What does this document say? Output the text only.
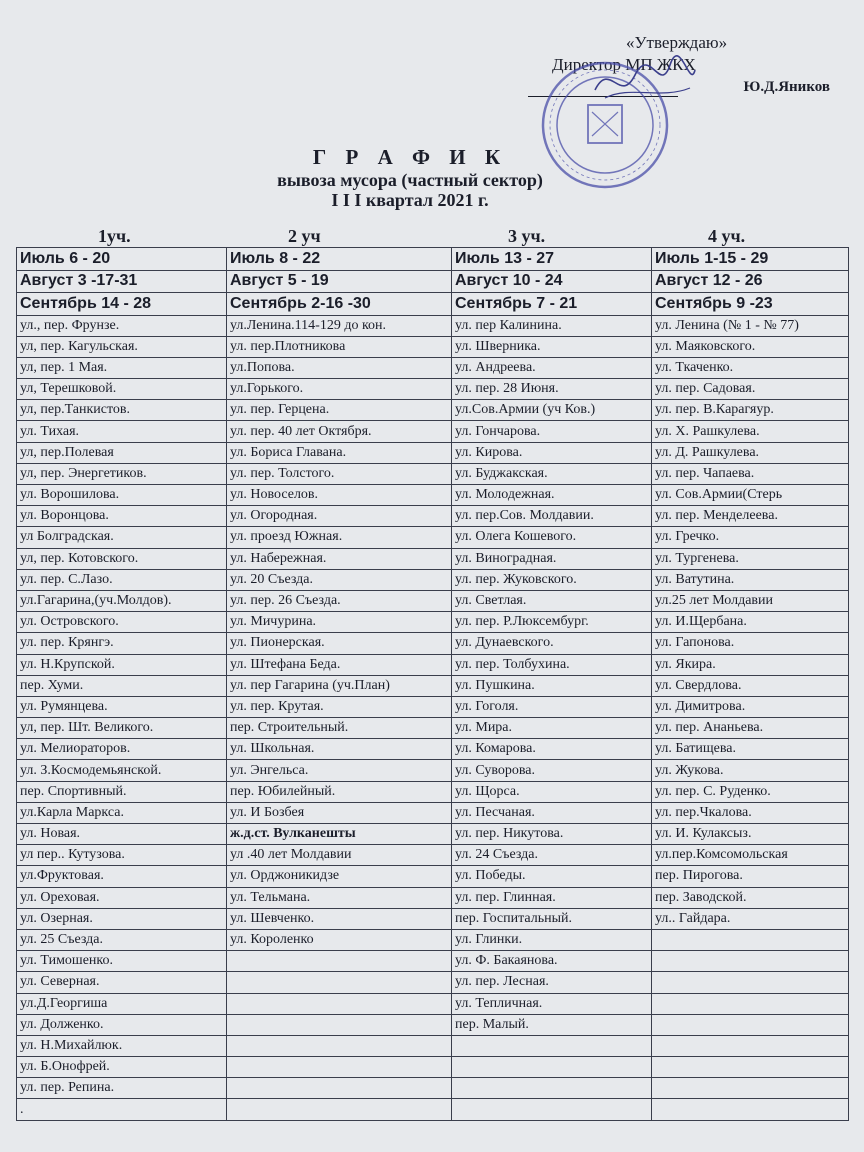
«Утверждаю»
Директор МП ЖКХ
Ю.Д.Яников
Г Р А Ф И К
вывоза мусора (частный сектор)
I I I квартал 2021 г.
1уч.	2 уч	3 уч.	4 уч.
Июль 6 - 20	Июль 8 - 22	Июль 13 - 27	Июль 1-15 - 29
Август 3 -17-31	Август 5 - 19	Август 10 - 24	Август 12 - 26
Сентябрь 14 - 28	Сентябрь 2-16 -30	Сентябрь 7 - 21	Сентябрь 9 -23
ул., пер. Фрунзе.	ул.Ленина.114-129 до кон.	ул. пер Калинина.	ул. Ленина (№ 1 - № 77)
ул, пер. Кагульская.	ул. пер.Плотникова	ул. Шверника.	ул. Маяковского.
ул, пер. 1 Мая.	ул.Попова.	ул. Андреева.	ул. Ткаченко.
ул, Терешковой.	ул.Горького.	ул. пер. 28 Июня.	ул. пер. Садовая.
ул, пер.Танкистов.	ул. пер. Герцена.	ул.Сов.Армии (уч Ков.)	ул. пер. В.Карагяур.
ул. Тихая.	ул. пер. 40 лет Октября.	ул. Гончарова.	ул. Х. Рашкулева.
ул, пер.Полевая	ул. Бориса Главана.	ул. Кирова.	ул. Д. Рашкулева.
ул, пер. Энергетиков.	ул. пер. Толстого.	ул. Буджакская.	ул. пер. Чапаева.
ул. Ворошилова.	ул. Новоселов.	ул. Молодежная.	ул. Сов.Армии(Стерь
ул. Воронцова.	ул. Огородная.	ул. пер.Сов. Молдавии.	ул. пер. Менделеева.
ул Болградская.	ул. проезд Южная.	ул. Олега Кошевого.	ул. Гречко.
ул, пер. Котовского.	ул. Набережная.	ул. Виноградная.	ул. Тургенева.
ул. пер. С.Лазо.	ул. 20 Съезда.	ул. пер. Жуковского.	ул. Ватутина.
ул.Гагарина,(уч.Молдов).	ул. пер. 26 Съезда.	ул. Светлая.	ул.25 лет Молдавии
ул. Островского.	ул. Мичурина.	ул. пер. Р.Люксембург.	ул. И.Щербана.
ул. пер. Крянгэ.	ул. Пионерская.	ул. Дунаевского.	ул. Гапонова.
ул. Н.Крупской.	ул. Штефана Беда.	ул. пер. Толбухина.	ул. Якира.
пер. Хуми.	ул. пер Гагарина (уч.План)	ул. Пушкина.	ул. Свердлова.
ул. Румянцева.	ул. пер. Крутая.	ул. Гоголя.	ул. Димитрова.
ул, пер. Шт. Великого.	пер. Строительный.	ул. Мира.	ул. пер. Ананьева.
ул. Мелиораторов.	ул. Школьная.	ул. Комарова.	ул. Батищева.
ул. З.Космодемьянской.	ул. Энгельса.	ул. Суворова.	ул. Жукова.
пер. Спортивный.	пер. Юбилейный.	ул. Щорса.	ул. пер. С. Руденко.
ул.Карла Маркса.	ул. И Бозбея	ул. Песчаная.	ул. пер.Чкалова.
ул. Новая.	ж.д.ст. Вулканешты	ул. пер. Никутова.	ул. И. Кулаксыз.
ул пер.. Кутузова.	ул .40 лет Молдавии	ул. 24 Съезда.	ул.пер.Комсомольская
ул.Фруктовая.	ул. Орджоникидзе	ул. Победы.	пер. Пирогова.
ул. Ореховая.	ул. Тельмана.	ул. пер. Глинная.	пер. Заводской.
ул. Озерная.	ул. Шевченко.	пер. Госпитальный.	ул.. Гайдара.
ул. 25 Съезда.	ул. Короленко	ул. Глинки.	
ул. Тимошенко.		ул. Ф. Бакаянова.	
ул. Северная.		ул. пер. Лесная.	
ул.Д.Георгиша		ул. Тепличная.	
ул. Долженко.		пер. Малый.	
ул. Н.Михайлюк.			
ул. Б.Онофрей.			
ул. пер. Репина.			
.			
